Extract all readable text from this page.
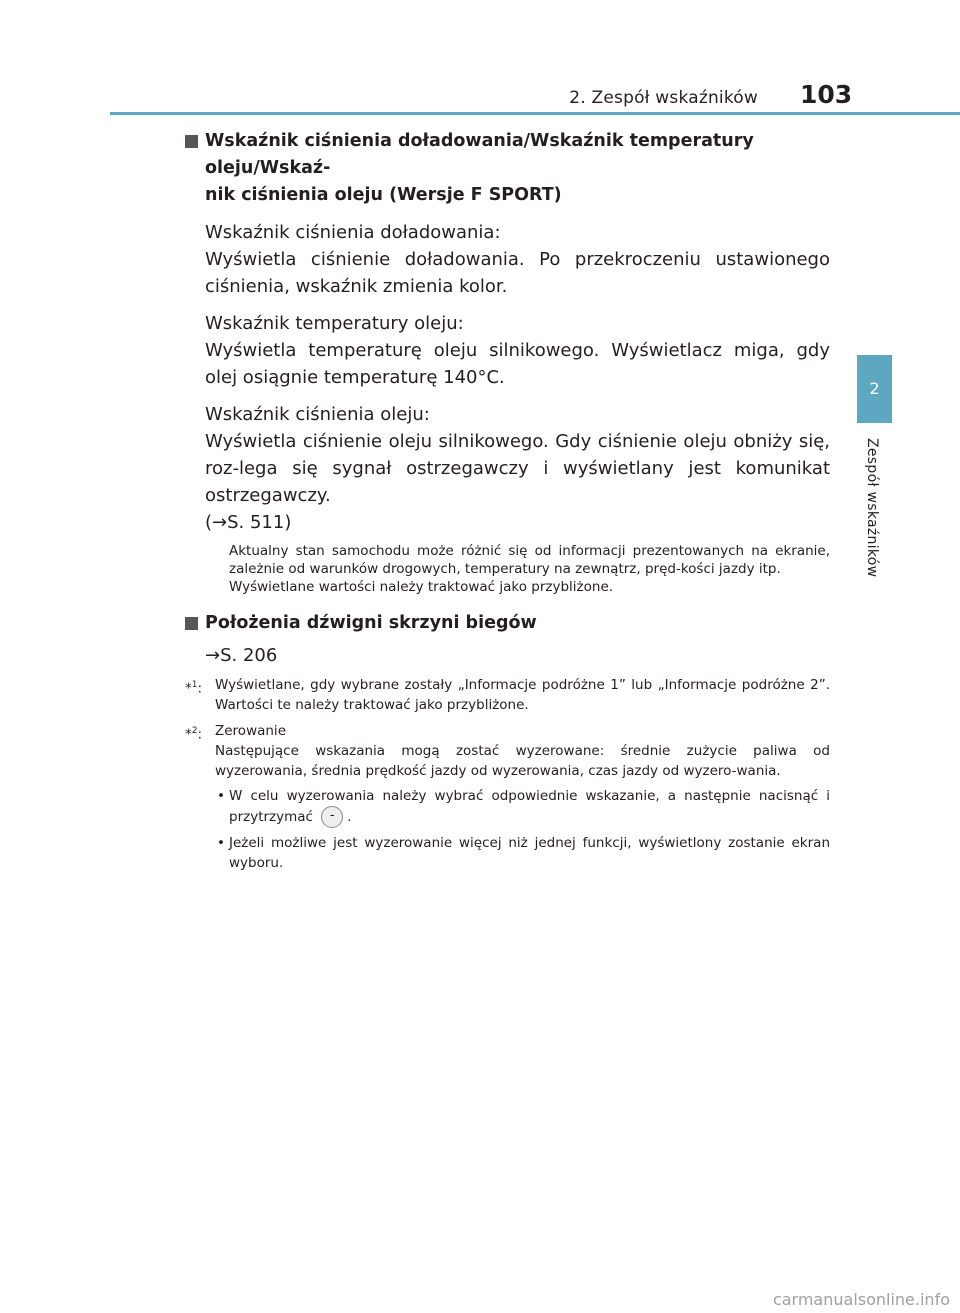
2. Zespół wskaźników 103
2
Zespół wskaźników
Wskaźnik ciśnienia doładowania/Wskaźnik temperatury oleju/Wskaź-
nik ciśnienia oleju (Wersje F SPORT)
Wskaźnik ciśnienia doładowania:
Wyświetla ciśnienie doładowania. Po przekroczeniu ustawionego ciśnienia, wskaźnik zmienia kolor.
Wskaźnik temperatury oleju:
Wyświetla temperaturę oleju silnikowego. Wyświetlacz miga, gdy olej osiągnie temperaturę 140°C.
Wskaźnik ciśnienia oleju:
Wyświetla ciśnienie oleju silnikowego. Gdy ciśnienie oleju obniży się, roz-lega się sygnał ostrzegawczy i wyświetlany jest komunikat ostrzegawczy.
(→S. 511)
Aktualny stan samochodu może różnić się od informacji prezentowanych na ekranie, zależnie od warunków drogowych, temperatury na zewnątrz, pręd-kości jazdy itp.
Wyświetlane wartości należy traktować jako przybliżone.
Położenia dźwigni skrzyni biegów
→S. 206
*$^1$: Wyświetlane, gdy wybrane zostały „Informacje podróżne 1” lub „Informacje podróżne 2”. Wartości te należy traktować jako przybliżone.
*$^2$: Zerowanie
Następujące wskazania mogą zostać wyzerowane: średnie zużycie paliwa od wyzerowania, średnia prędkość jazdy od wyzerowania, czas jazdy od wyzero-wania.
• W celu wyzerowania należy wybrać odpowiednie wskazanie, a następnie nacisnąć i przytrzymać - .
• Jeżeli możliwe jest wyzerowanie więcej niż jednej funkcji, wyświetlony zostanie ekran wyboru.
carmanualsonline.info
